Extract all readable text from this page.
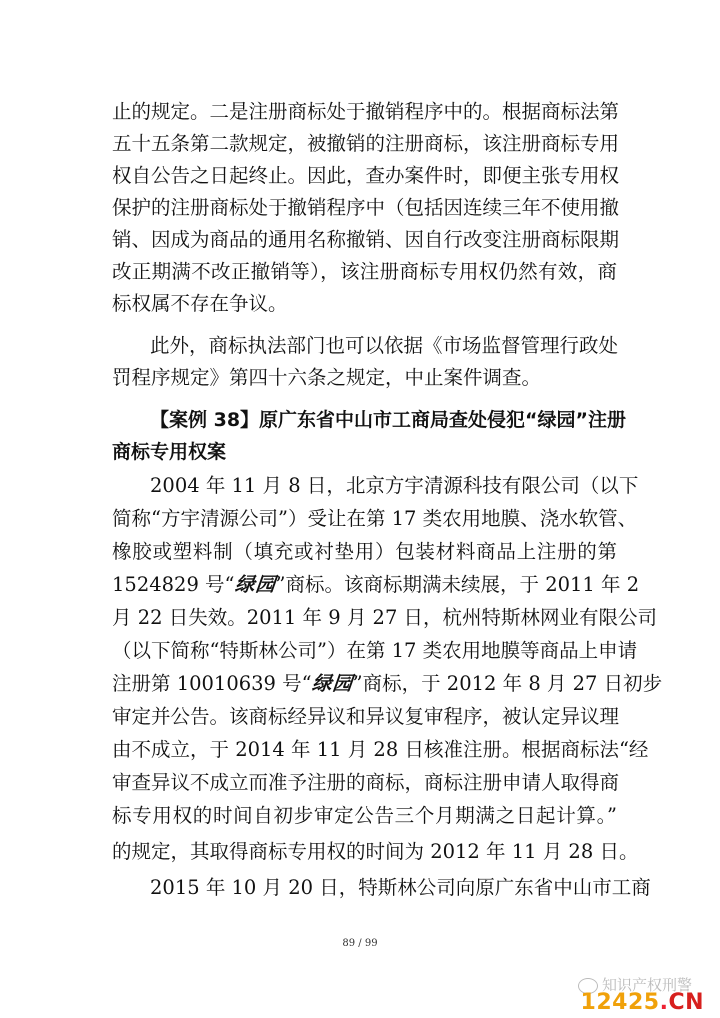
止的规定。二是注册商标处于撤销程序中的。根据商标法第
五十五条第二款规定，被撤销的注册商标，该注册商标专用
权自公告之日起终止。因此，查办案件时，即便主张专用权
保护的注册商标处于撤销程序中（包括因连续三年不使用撤
销、因成为商品的通用名称撤销、因自行改变注册商标限期
改正期满不改正撤销等），该注册商标专用权仍然有效，商
标权属不存在争议。
此外，商标执法部门也可以依据《市场监督管理行政处
罚程序规定》第四十六条之规定，中止案件调查。
【案例 38】原广东省中山市工商局查处侵犯“绿园”注册
商标专用权案
2004 年 11 月 8 日，北京方宇清源科技有限公司（以下
简称“方宇清源公司”）受让在第 17 类农用地膜、浇水软管、
橡胶或塑料制（填充或衬垫用）包装材料商品上注册的第
1524829 号“绿园”商标。该商标期满未续展，于 2011 年 2
月 22 日失效。2011 年 9 月 27 日，杭州特斯林网业有限公司
（以下简称“特斯林公司”）在第 17 类农用地膜等商品上申请
注册第 10010639 号“绿园”商标，于 2012 年 8 月 27 日初步
审定并公告。该商标经异议和异议复审程序，被认定异议理
由不成立，于 2014 年 11 月 28 日核准注册。根据商标法“经
审查异议不成立而准予注册的商标，商标注册申请人取得商
标专用权的时间自初步审定公告三个月期满之日起计算。”
的规定，其取得商标专用权的时间为 2012 年 11 月 28 日。
2015 年 10 月 20 日，特斯林公司向原广东省中山市工商
89 / 99
知识产权刑警
12425.CN
